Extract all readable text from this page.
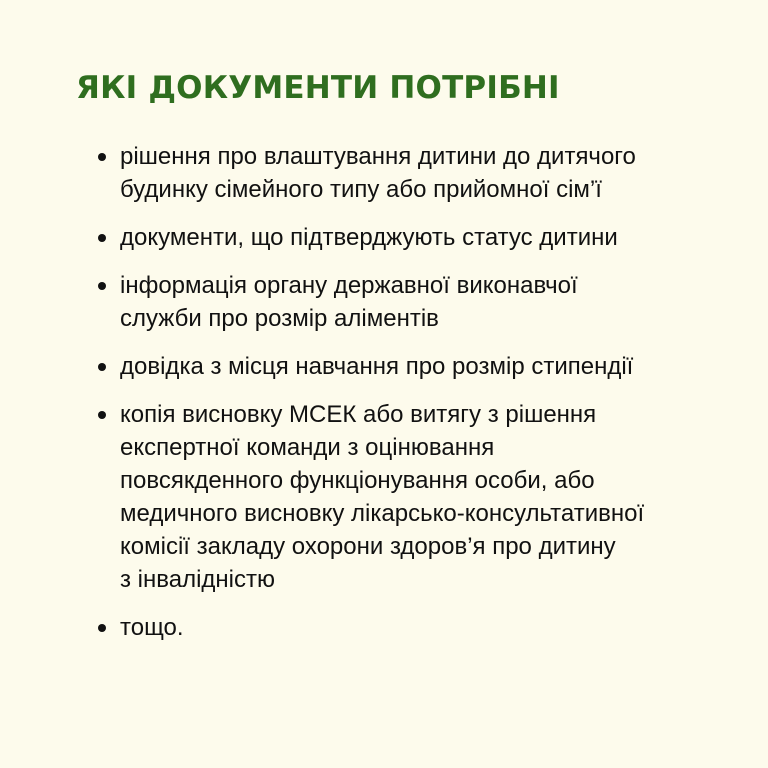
ЯКІ ДОКУМЕНТИ ПОТРІБНІ
рішення про влаштування дитини до дитячого
будинку сімейного типу або прийомної сім’ї
документи, що підтверджують статус дитини
інформація органу державної виконавчої
служби про розмір аліментів
довідка з місця навчання про розмір стипендії
копія висновку МСЕК або витягу з рішення
експертної команди з оцінювання
повсякденного функціонування особи, або
медичного висновку лікарсько-консультативної
комісії закладу охорони здоров’я про дитину
з інвалідністю
тощо.
